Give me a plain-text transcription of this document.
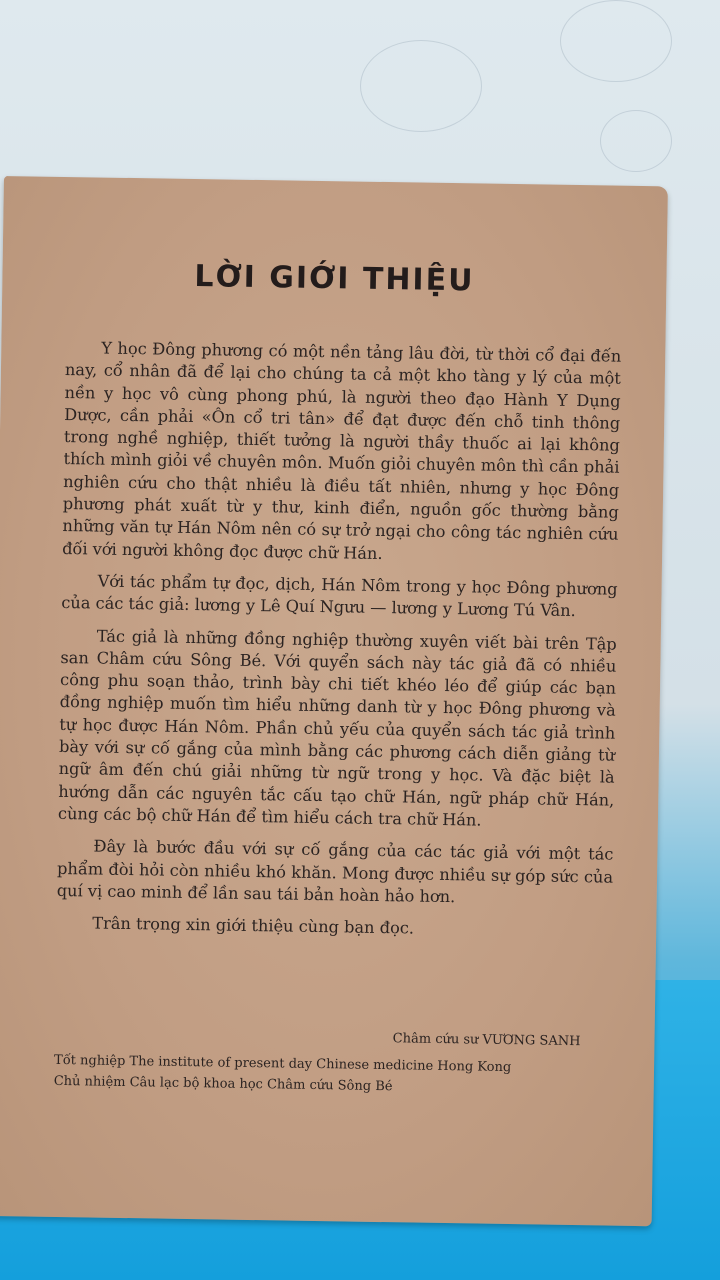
LỜI GIỚI THIỆU

Y học Đông phương có một nền tảng lâu đời, từ thời cổ đại đến nay, cổ nhân đã để lại cho chúng ta cả một kho tàng y lý của một nền y học vô cùng phong phú, là người theo đạo Hành Y Dụng Dược, cần phải «Ôn cổ tri tân» để đạt được đến chỗ tinh thông trong nghề nghiệp, thiết tưởng là người thầy thuốc ai lại không thích mình giỏi về chuyên môn. Muốn giỏi chuyên môn thì cần phải nghiên cứu cho thật nhiều là điều tất nhiên, nhưng y học Đông phương phát xuất từ y thư, kinh điển, nguồn gốc thường bằng những văn tự Hán Nôm nên có sự trở ngại cho công tác nghiên cứu đối với người không đọc được chữ Hán.

Với tác phẩm tự đọc, dịch, Hán Nôm trong y học Đông phương của các tác giả: lương y Lê Quí Ngưu — lương y Lương Tú Vân.

Tác giả là những đồng nghiệp thường xuyên viết bài trên Tập san Châm cứu Sông Bé. Với quyển sách này tác giả đã có nhiều công phu soạn thảo, trình bày chi tiết khéo léo để giúp các bạn đồng nghiệp muốn tìm hiểu những danh từ y học Đông phương và tự học được Hán Nôm. Phần chủ yếu của quyển sách tác giả trình bày với sự cố gắng của mình bằng các phương cách diễn giảng từ ngữ âm đến chú giải những từ ngữ trong y học. Và đặc biệt là hướng dẫn các nguyên tắc cấu tạo chữ Hán, ngữ pháp chữ Hán, cùng các bộ chữ Hán để tìm hiểu cách tra chữ Hán.

Đây là bước đầu với sự cố gắng của các tác giả với một tác phẩm đòi hỏi còn nhiều khó khăn. Mong được nhiều sự góp sức của quí vị cao minh để lần sau tái bản hoàn hảo hơn.

Trân trọng xin giới thiệu cùng bạn đọc.

Châm cứu sư VƯƠNG SANH
Tốt nghiệp The institute of present day Chinese medicine Hong Kong
Chủ nhiệm Câu lạc bộ khoa học Châm cứu Sông Bé
